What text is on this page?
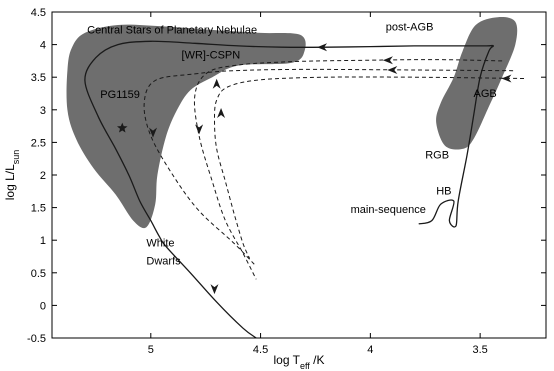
Central Stars of Planetary Nebulae
[WR]-CSPN
PG1159
post-AGB
AGB
RGB
HB
main-sequence
White
Dwarfs
5	4.5	4	3.5
-0.5
0
0.5
1
1.5
2
2.5
3
3.5
4
4.5
$\log T_{eff}$ /K
$\log L/L_{sun}$
